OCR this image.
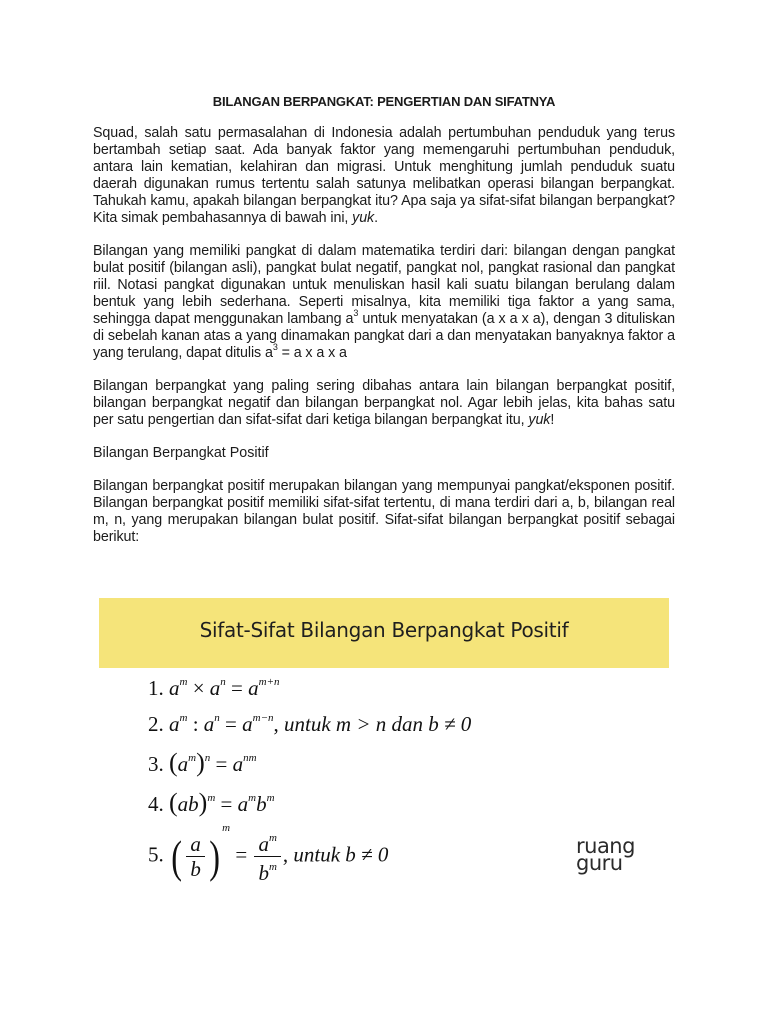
BILANGAN BERPANGKAT: PENGERTIAN DAN SIFATNYA

Squad, salah satu permasalahan di Indonesia adalah pertumbuhan penduduk yang terus bertambah setiap saat. Ada banyak faktor yang memengaruhi pertumbuhan penduduk, antara lain kematian, kelahiran dan migrasi. Untuk menghitung jumlah penduduk suatu daerah digunakan rumus tertentu salah satunya melibatkan operasi bilangan berpangkat. Tahukah kamu, apakah bilangan berpangkat itu? Apa saja ya sifat-sifat bilangan berpangkat? Kita simak pembahasannya di bawah ini, yuk.

Bilangan yang memiliki pangkat di dalam matematika terdiri dari: bilangan dengan pangkat bulat positif (bilangan asli), pangkat bulat negatif, pangkat nol, pangkat rasional dan pangkat riil. Notasi pangkat digunakan untuk menuliskan hasil kali suatu bilangan berulang dalam bentuk yang lebih sederhana. Seperti misalnya, kita memiliki tiga faktor a yang sama, sehingga dapat menggunakan lambang $a^3$ untuk menyatakan (a x a x a), dengan 3 dituliskan di sebelah kanan atas a yang dinamakan pangkat dari a dan menyatakan banyaknya faktor a yang terulang, dapat ditulis $a^3 = a$ x a x a

Bilangan berpangkat yang paling sering dibahas antara lain bilangan berpangkat positif, bilangan berpangkat negatif dan bilangan berpangkat nol. Agar lebih jelas, kita bahas satu per satu pengertian dan sifat-sifat dari ketiga bilangan berpangkat itu, yuk!

Bilangan Berpangkat Positif

Bilangan berpangkat positif merupakan bilangan yang mempunyai pangkat/eksponen positif. Bilangan berpangkat positif memiliki sifat-sifat tertentu, di mana terdiri dari a, b, bilangan real m, n, yang merupakan bilangan bulat positif. Sifat-sifat bilangan berpangkat positif sebagai berikut:

Sifat-Sifat Bilangan Berpangkat Positif
1. $a^m \times a^n = a^{m+n}$
2. $a^m$ : $a^n = a^{m-n}$, untuk m > n dan b ≠ 0
3. $(a^m)^n = a^{nm}$
4. $(ab)^m = a^mb^m$
5. ( $\frac{a}{b} )^m = \frac{a^m}{b^m}$ , untuk b ≠ 0	ruang
guru
